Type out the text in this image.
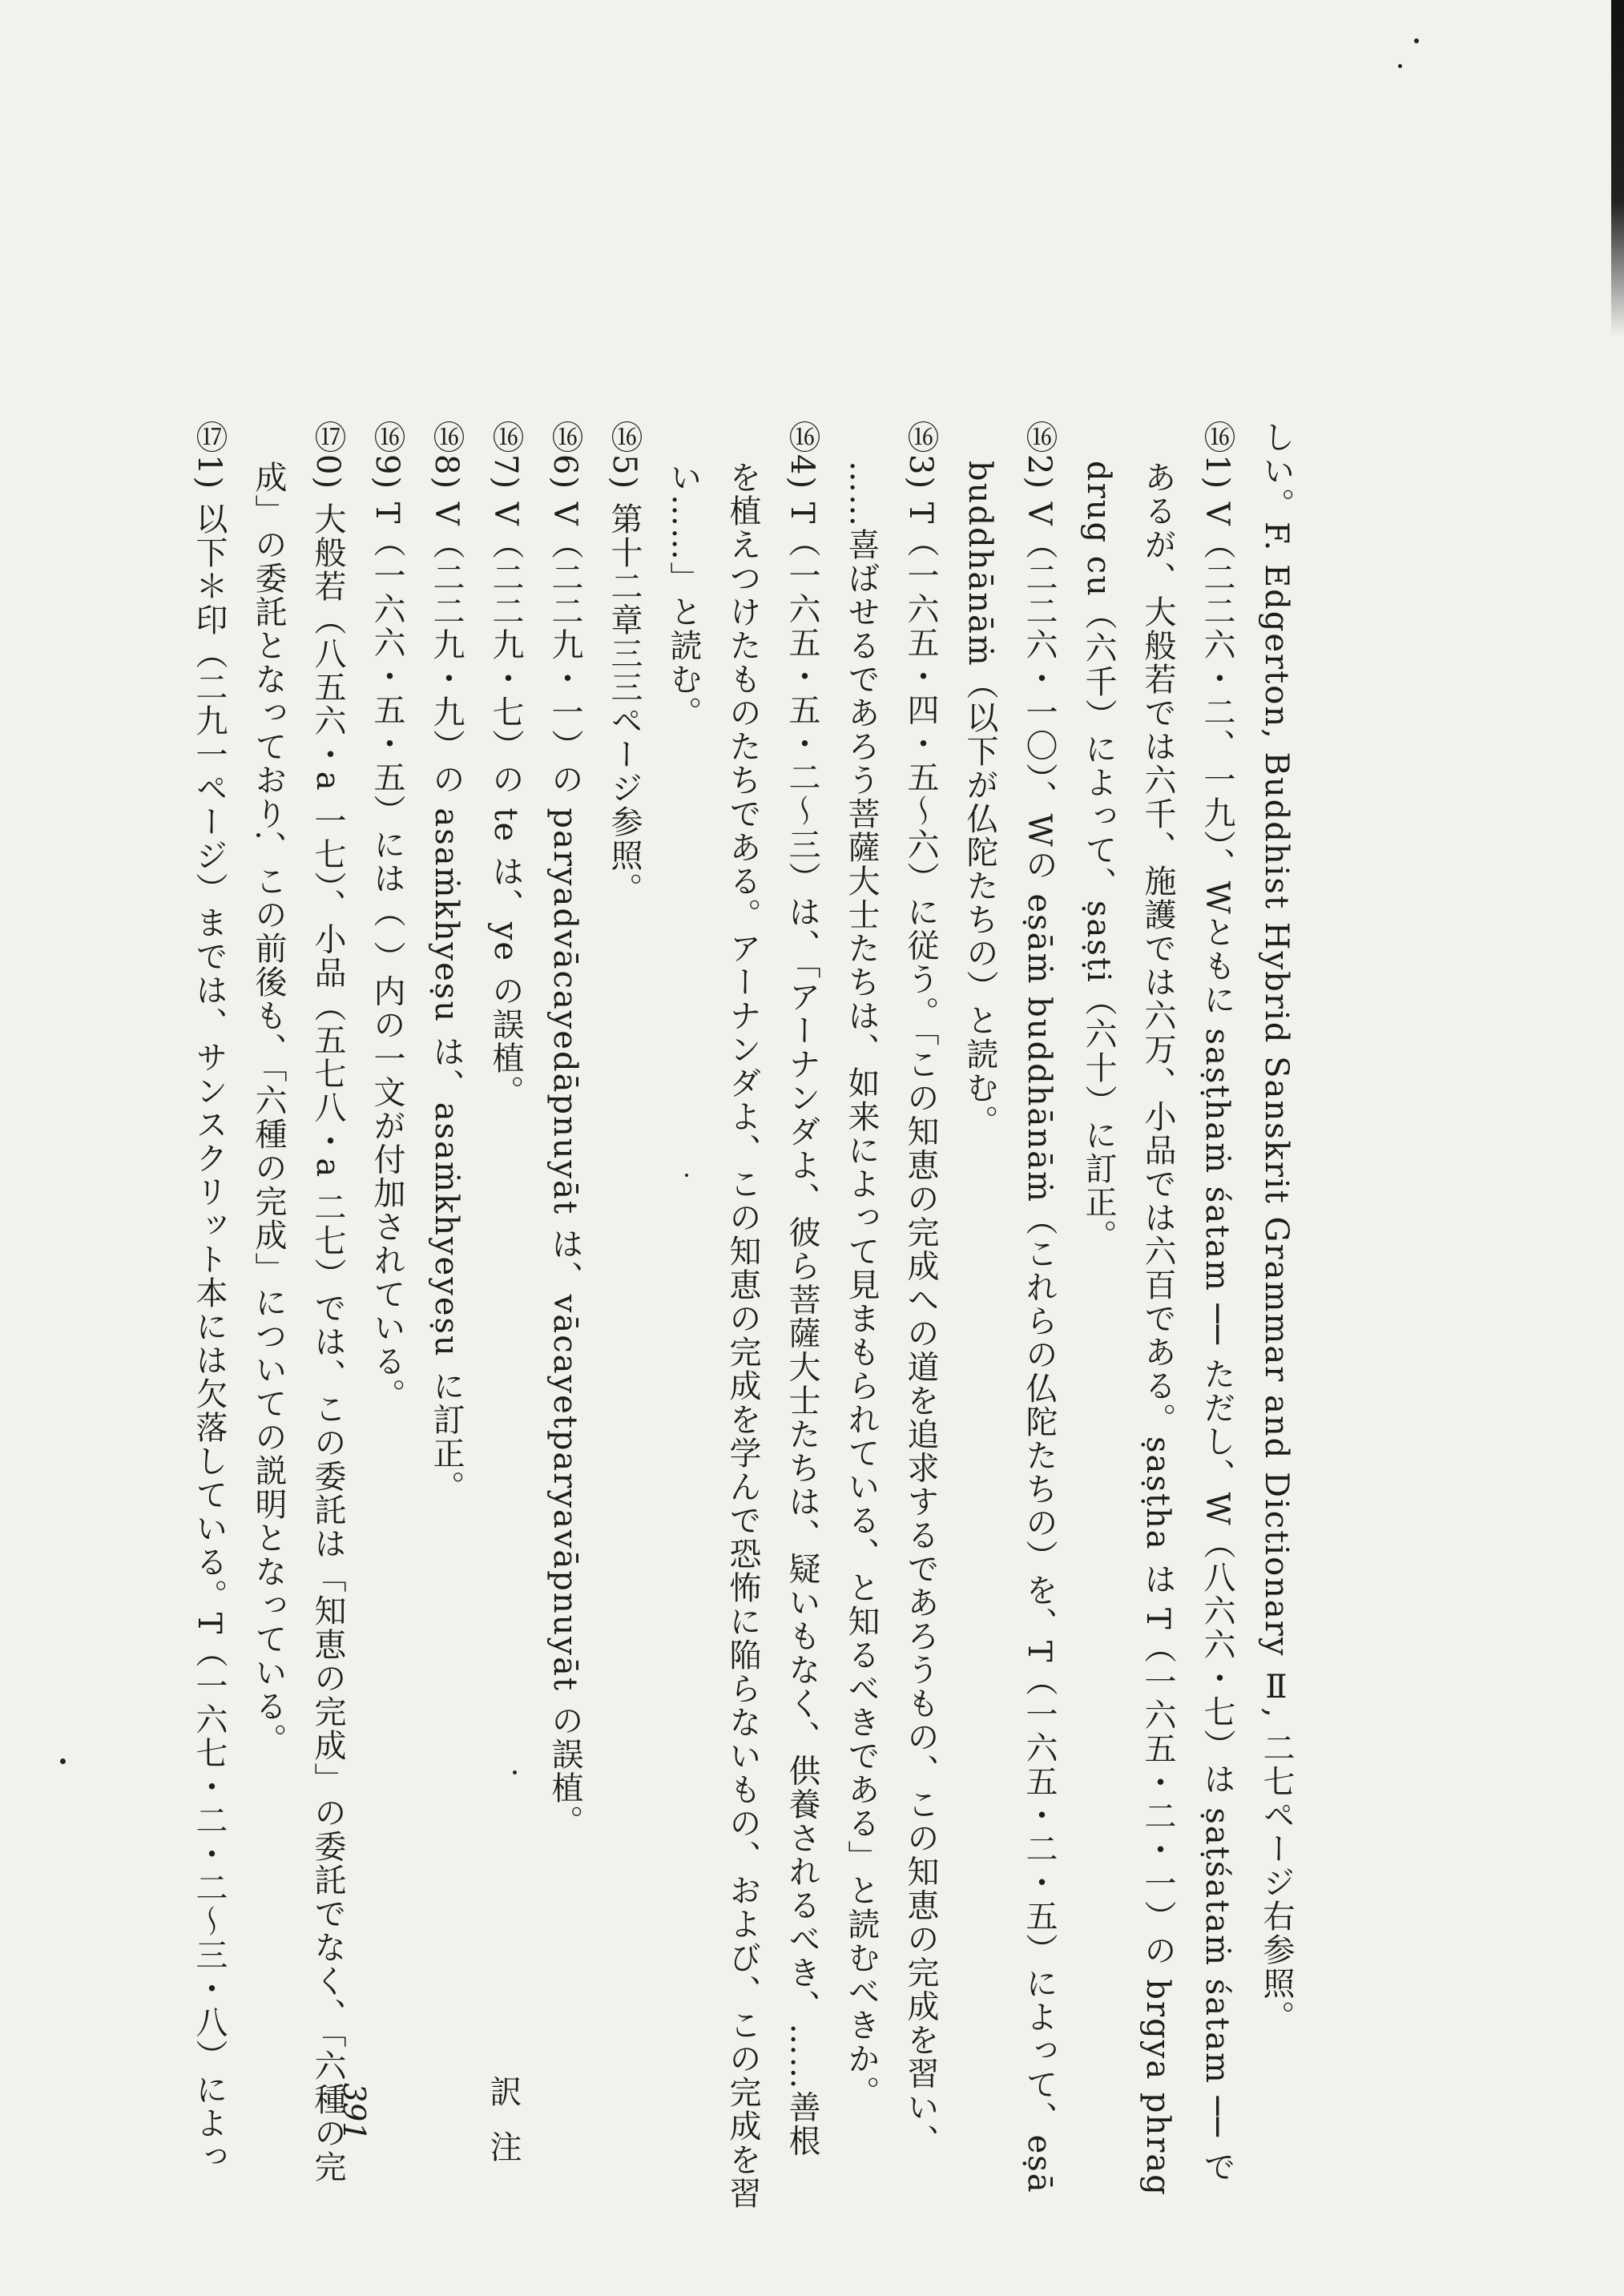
しい。F. Edgerton, Buddhist Hybrid Sanskrit Grammar and Dictionary Ⅱ, 二七ページ右参照。
⑯1) V（二二六・二、一九）、Wともに saṣṭhaṁ śatam ── ただし、W（八六六・七）は ṣaṭśataṁ śatam ── で
あるが、大般若では六千、施護では六万、小品では六百である。ṣaṣṭha は T（一六五・二・一）の brgya phrag
drug cu（六千）によって、ṣaṣṭi（六十）に訂正。
⑯2) V（二二六・一〇）、Wの eṣāṁ buddhānāṁ（これらの仏陀たちの）を、T（一六五・二・五）によって、eṣā
buddhānāṁ（以下が仏陀たちの）と読む。
⑯3) T（一六五・四・五〜六）に従う。「この知恵の完成への道を追求するであろうもの、この知恵の完成を習い、
……喜ばせるであろう菩薩大士たちは、如来によって見まもられている、と知るべきである」と読むべきか。
⑯4) T（一六五・五・二〜三）は、「アーナンダよ、彼ら菩薩大士たちは、疑いもなく、供養されるべき、……善根
を植えつけたものたちである。アーナンダよ、この知恵の完成を学んで恐怖に陥らないもの、および、この完成を習
い……」と読む。
⑯5) 第十二章三三ページ参照。
⑯6) V（二二九・一）の paryadvācayedāpnuyāt は、vācayetparyavāpnuyāt の誤植。
⑯7) V（二二九・七）の te は、ye の誤植。
⑯8) V（二二九・九）の asaṁkhyeṣu は、asaṁkhyeyeṣu に訂正。
⑯9) T（一六六・五・五）には（ ）内の一文が付加されている。
⑰0) 大般若（八五六・a 一七）、小品（五七八・a 二七）では、この委託は「知恵の完成」の委託でなく、「六種の完
成」の委託となっており、この前後も、「六種の完成」についての説明となっている。
⑰1) 以下＊印（二九一ページ）までは、サンスクリット本には欠落している。T（一六七・二・二〜三・八）によっ	391	訳 注
